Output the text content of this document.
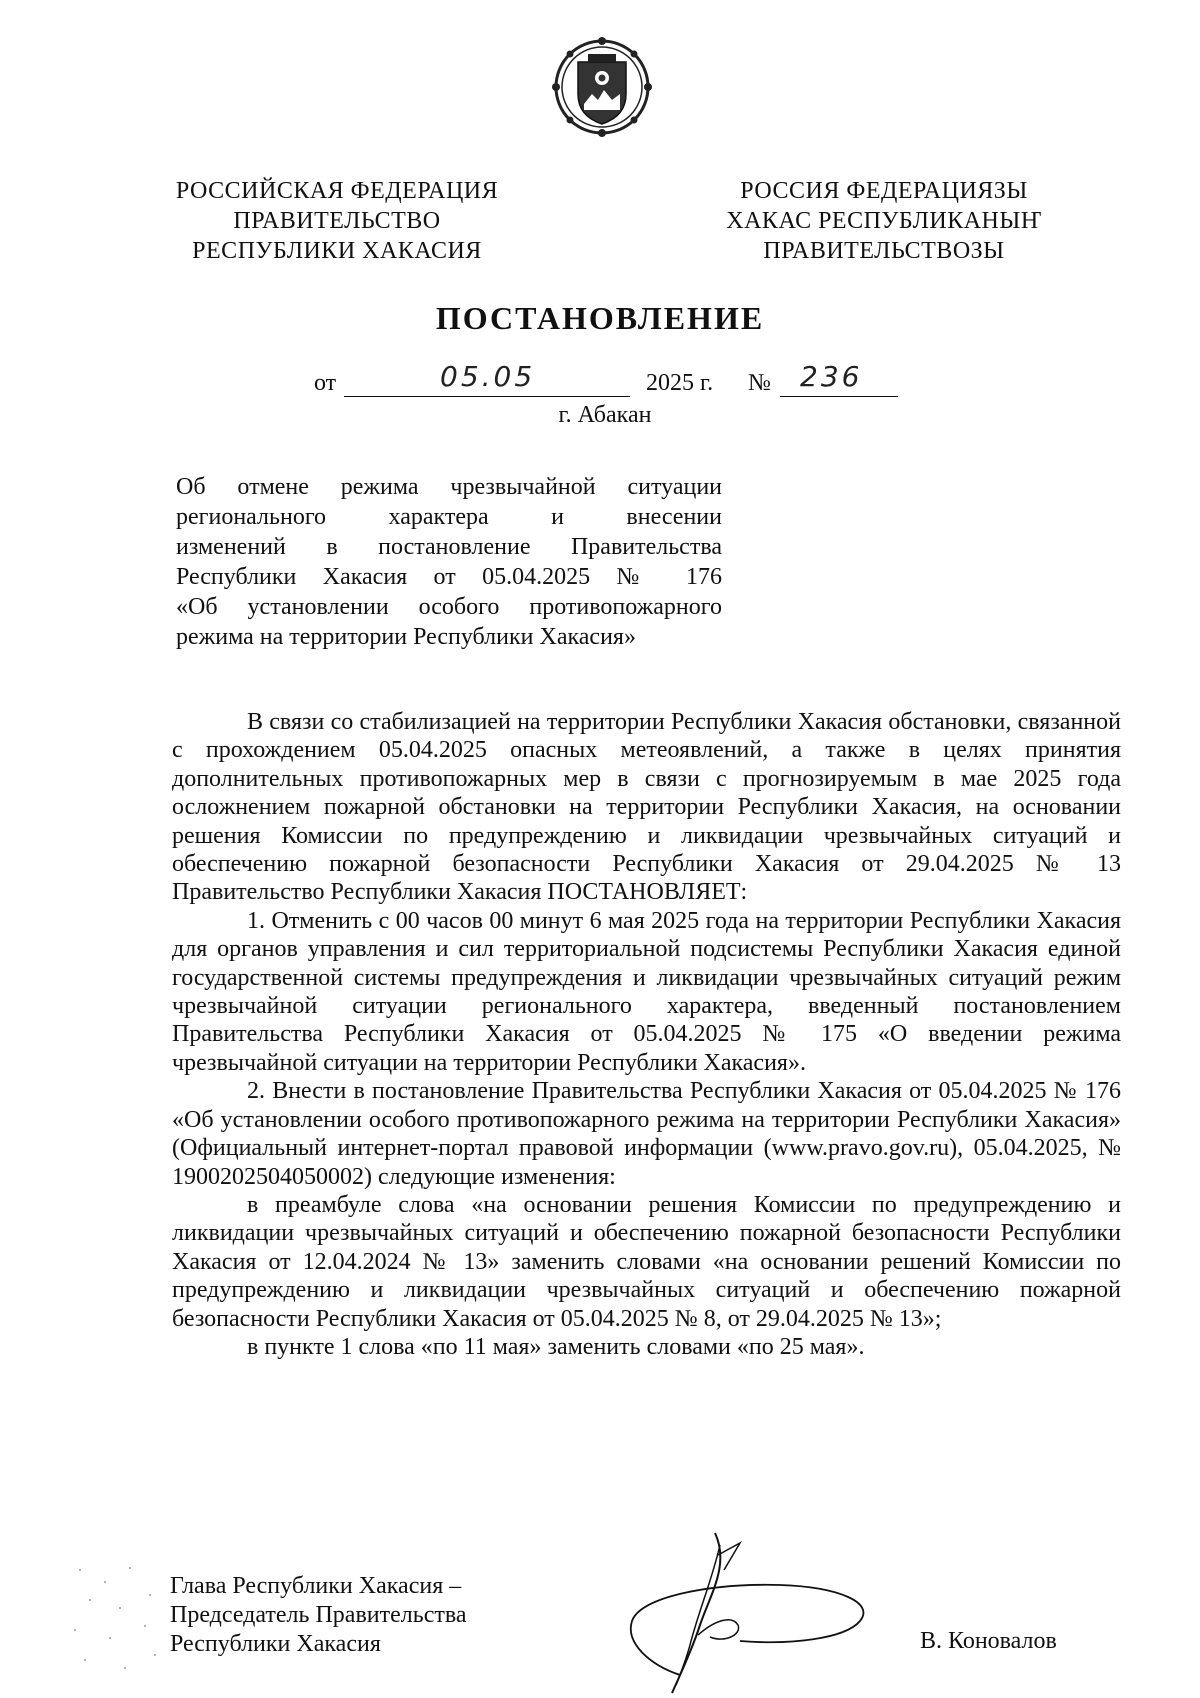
РОССИЙСКАЯ ФЕДЕРАЦИЯ
ПРАВИТЕЛЬСТВО
РЕСПУБЛИКИ ХАКАСИЯ
РОССИЯ ФЕДЕРАЦИЯЗЫ
ХАКАС РЕСПУБЛИКАНЫҤ
ПРАВИТЕЛЬСТВОЗЫ
ПОСТАНОВЛЕНИЕ
от	05.05	2025 г. № 236
г. Абакан
Об отмене режима чрезвычайной ситуации
регионального характера и внесении
изменений в постановление Правительства
Республики Хакасия от 05.04.2025 № 176
«Об установлении особого противопожарного
режима на территории Республики Хакасия»

В связи со стабилизацией на территории Республики Хакасия обстановки, связанной с прохождением 05.04.2025 опасных метеоявлений, а также в целях принятия дополнительных противопожарных мер в связи с прогнозируемым в мае 2025 года осложнением пожарной обстановки на территории Республики Хакасия, на основании решения Комиссии по предупреждению и ликвидации чрезвычайных ситуаций и обеспечению пожарной безопасности Республики Хакасия от 29.04.2025 № 13 Правительство Республики Хакасия ПОСТАНОВЛЯЕТ:

1. Отменить с 00 часов 00 минут 6 мая 2025 года на территории Республики Хакасия для органов управления и сил территориальной подсистемы Республики Хакасия единой государственной системы предупреждения и ликвидации чрезвычайных ситуаций режим чрезвычайной ситуации регионального характера, введенный постановлением Правительства Республики Хакасия от 05.04.2025 № 175 «О введении режима чрезвычайной ситуации на территории Республики Хакасия».

2. Внести в постановление Правительства Республики Хакасия от 05.04.2025 № 176 «Об установлении особого противопожарного режима на территории Республики Хакасия» (Официальный интернет-портал правовой информации (www.pravo.gov.ru), 05.04.2025, № 1900202504050002) следующие изменения:

в преамбуле слова «на основании решения Комиссии по предупреждению и ликвидации чрезвычайных ситуаций и обеспечению пожарной безопасности Республики Хакасия от 12.04.2024 № 13» заменить словами «на основании решений Комиссии по предупреждению и ликвидации чрезвычайных ситуаций и обеспечению пожарной безопасности Республики Хакасия от 05.04.2025 № 8, от 29.04.2025 № 13»;

в пункте 1 слова «по 11 мая» заменить словами «по 25 мая».

Глава Республики Хакасия –
Председатель Правительства
Республики Хакасия	В. Коновалов
